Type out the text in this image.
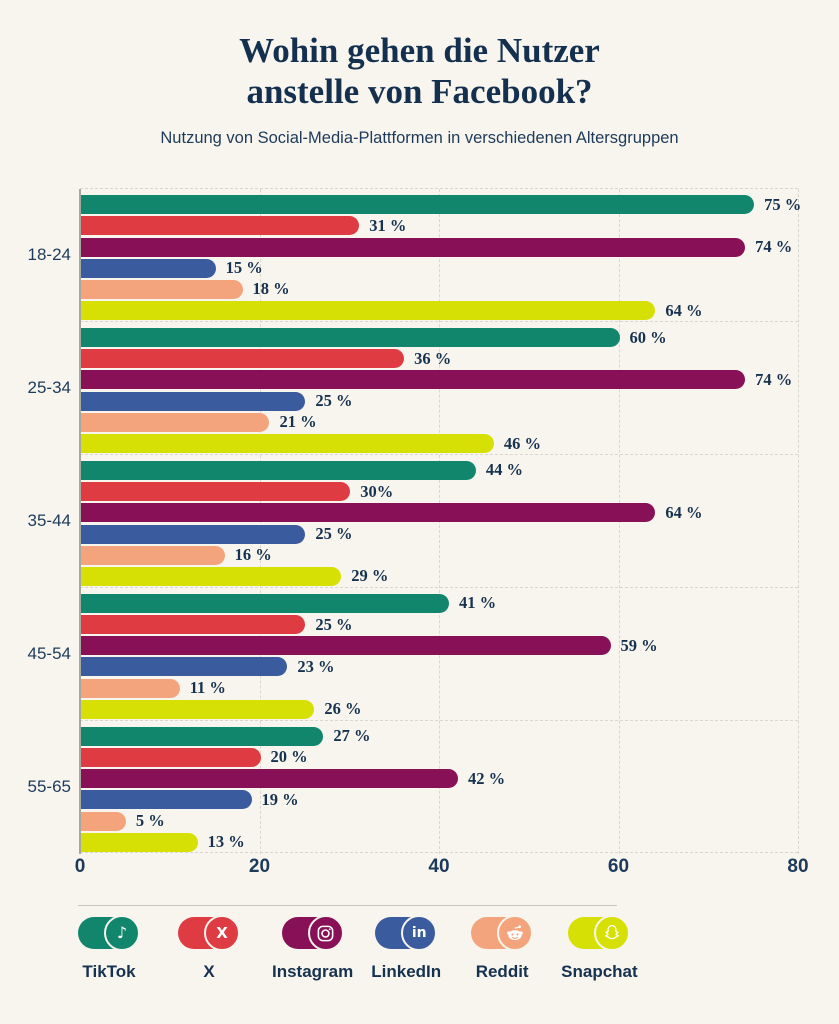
Wohin gehen die Nutzer
anstelle von Facebook?
Nutzung von Social-Media-Plattformen in verschiedenen Altersgruppen
18-24
75 %
31 %
74 %
15 %
18 %
64 %
25-34
60 %
36 %
74 %
25 %
21 %
46 %
35-44
44 %
30%
64 %
25 %
16 %
29 %
45-54
41 %
25 %
59 %
23 %
11 %
26 %
55-65
27 %
20 %
42 %
19 %
5 %
13 %
0	20	40	60	80
♪
TikTok
X
X	Instagram
in
LinkedIn Reddit Snapchat
